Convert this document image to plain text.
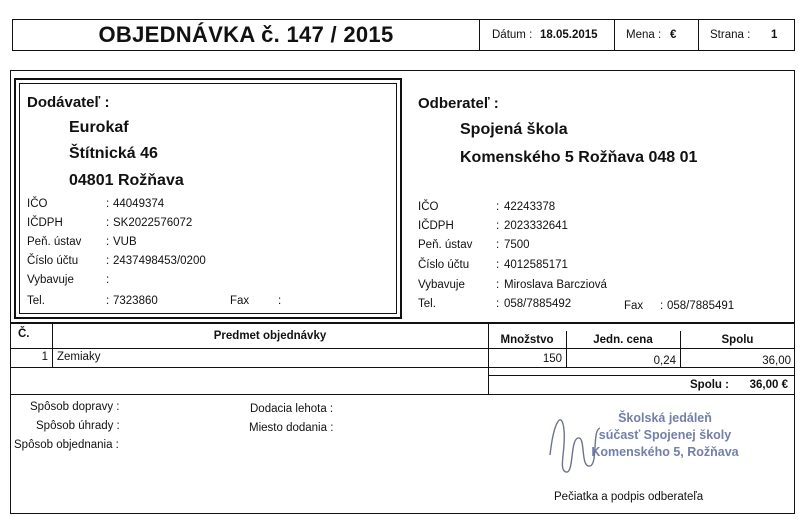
OBJEDNÁVKA č. 147 / 2015	Dátum : 18.05.2015 Mena : €	Strana : 1
Dodávateľ :
Eurokaf
Štítnická 46
04801 Rožňava
IČO	: 44049374
IČDPH	: SK2022576072
Peň. ústav : VUB
Číslo účtu : 2437498453/0200
Vybavuje	:
Tel.	: 7323860	Fax	:
Odberateľ :
Spojená škola
Komenského 5 Rožňava 048 01
IČO	: 42243378
IČDPH	: 2023332641
Peň. ústav : 7500
Číslo účtu : 4012585171
Vybavuje	: Miroslava Barcziová
Tel.	: 058/7885492	Fax : 058/7885491
Č.	Predmet objednávky	Množstvo	Jedn. cena	Spolu
1 Zemiaky	150	0,24	36,00
Spolu :	36,00 €
Spôsob dopravy :
Spôsob úhrady :
Spôsob objednania :
Dodacia lehota :
Miesto dodania :
Školská jedáleň
súčasť Spojenej školy
Komenského 5, Rožňava
Pečiatka a podpis odberateľa
